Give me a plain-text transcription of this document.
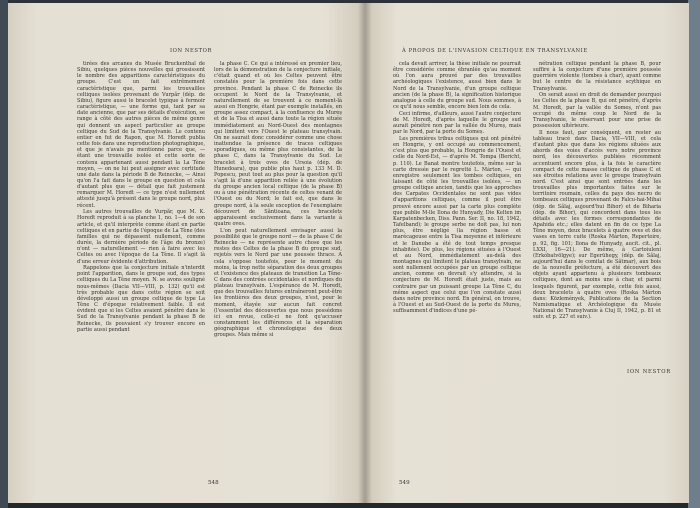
ION NESTOR

tirées des arcanes du Musée Bruckenthal de Sibiu, quelques pièces nouvelles qui grossissent le nombre des apparitions caractéristiques du groupe. C'est un fait extrêmement caractéristique que, parmi les trouvailles celtiques isolées provenant de Vurpăr (dép. de Sibiu), figure aussi le bracelet typique à fermoir caractéristique, — une forme qui, tant par sa date ancienne, que par ses détails d'exécution, se range à côté des autres pièces de même genre qui donnent un aspect particulier au groupe celtique du Sud de la Transylvanie. Le contenu entier en fut de Rapon, que M. Horedt publia cette fois dans une reproduction photographique, et que je n'avais pu mentionné parce que, — étant une trouvaille isolée et cette sorte de contenu appartenant aussi pendant la La Tène moyen, — on ne lui peut assigner avec certitude une date dans la période B de Reinecke, — Ainsi qu'on l'a fait dans le groupe en question et cela d'autant plus que — détail que fait justement remarquer M. Horedt — ce type n'est nullement attesté jusqu'à présent dans le groupe nord, plus récent.

Les autres trouvailles de Vurpăr, que M. K. Horedt reproduit à sa planche 1, no. 1—4 de son article, et qu'il interprète comme étant en partie celtiques et en partie de l'époque de La Tène (des familles qui ne dépassent nullement, comme durée, la dernière période de l'âge du bronze) n'ont — naturellement — rien à faire avec les Celtes ou avec l'époque de La Tène. Il s'agit là d'une erreur évidente d'attribution.

Rappelons que la conjecture initiale n'interdit point l'apparition, dans le groupe sud, des types celtiques du La Tène moyen. N. se avons souligné nous-mêmes (Dacia VII—VIII, p. 132) qu'il est très probable que dans cette région se soit développé aussi un groupe celtique de type La Tène C d'époque relativement faible. Il est évident que si les Celtes avaient pénétré dans le Sud de la Transylvanie pendant la phase B de Reinecke, ils pouvaient s'y trouver encore en partie aussi pendant

la phase C. Ce qui a intéressé en premier lieu, lors de la démonstration de la conjecture initiale, c'était quand et où les Celtes peuvent être constatés pour la première fois dans cette province. Pendant la phase C de Reinecke ils occupent le Nord de la Transylvanie, et naturellement de se trouvent à ce moment-là aussi en Hongrie, étant par exemple installés, en groupe assez compact, à la confluence du Mureș et de la Tisa et aussi dans toute la région située immédiatement au Nord-Ouest des montagnes qui limitent vers l'Ouest le plateau transylvain. On ne saurait donc considérer comme une chose inattendue la présence de traces celtiques sporadiques, ou même plus consistantes, de la phase C, dans la Transylvanie du Sud. Le bracelet à trois oves de Ursoia (dép. de Hunedoara), que publie plus haut p. 133 M. D. Popescu, peut tout au plus pour la question qu'il s'agit là d'une apparition reliée à une évolution du groupe ancien local celtique (de la phase B) ou à une pénétration récente de celtes venant de l'Ouest ou du Nord; le fait est, que dans le groupe nord, à la seule exception de l'exemplaire découvert de Săntioana, ces bracelets apparaissent exclusivement dans la variante à quatre oves.

L'on peut naturellement envisager aussi la possibilité que le groupe nord — de la phase C de Reinecke — ne représente autre chose que les restes des Celtes de la phase B du groupe sud, rejetés vers le Nord par une poussée thrace. A cela s'oppose toutefois, pour le moment du moins, la trop nette séparation des deux groupes et l'existence des plateaux de transition La Tène-C dans des contrées occidentales et nordiques du plateau transylvain. L'espérance de M. Horedt, que des trouvailles futures entraîneront peut-être les frontières des deux groupes, n'est, pour le moment, étayée sur aucun fait concret (l'essentiel des découvertes que nous possédons ici en revue, celle-ci ne font qu'accuser constamment les différences et la séparation géographique et chronologique des deux groupes. Mais même si

548
À PROPOS DE L'INVASION CELTIQUE EN TRANSYLVANIE

cela devait arriver, la thèse initiale ne pourrait être considérée comme ébranlée qu'au moment où l'on aura prouvé par des trouvailles archéologiques l'existence, aussi bien dans le Nord de la Transylvanie, d'un groupe celtique ancien (de la phase B), la signification historique analogue à celle du groupe sud. Nous sommes, à ce qu'il nous semble, encore bien loin de cela.

Ceci infirme, d'ailleurs, aussi l'autre conjecture de M. Horedt, d'après laquelle le groupe sud aurait pénétré non par la vallée du Mureș, mais par le Nord, par la porte du Someș.

Les premières tribus celtiques qui ont pénétré en Hongrie, y ont occupé au commencement, c'est plus que probable, la Hongrie de l'Ouest et celle du Nord-Est, — d'après M. Tompa (Bericht, p. 110). Le Banat montre toutefois, même sur la carte dressée par le regretté L. Márton, — qui enregistre seulement les tombes celtiques, en laissant de côté les trouvailles isolées, — un groupe celtique ancien, tandis que les approches des Carpates Occidentales ne sont pas vides d'apparitions celtiques, comme il peut être prouvé encore aussi par la carte plus complète que publie M-lle Ilona de Hunyady, Die Kelten im Karpatenbecken, Diss. Pann. Ser. II, no. 18, 1942, Tafelband); le groupe serbe ne doit pas, lui non plus, être négligé (la région basse et marécageuse entre la Tisa moyenne et inférieure et le Danube a été de tout temps presque inhabitée). De plus, les régions situées à l'Ouest et au Nord, immédiatement au-delà des montagnes qui limitent le plateau transylvain, ne sont nullement occupées par un groupe celtique ancien, comme on devrait s'y attendre, si la conjecture de M. Horedt était juste, mais au contraire par un puissant groupe La Tène C, du même aspect que celui que l'on constate aussi dans notre province nord. En général, on trouve, à l'Ouest et au Sud-Ouest de la porte du Mureș, suffisamment d'indices d'une pé-

nétration celtique pendant la phase B, pour suffire à la conjecture d'une première poussée guerrière violente (tombes à char), ayant comme but le centre de la résistance scythique en Transylvanie.

On serait aussi en droit de demander pourquoi les Celtes de la phase B, qui ont pénétré, d'après M. Horedt, par la vallée du Someș, n'ont pas occupé du même coup le Nord de la Transylvanie, le réservant pour une prise de possession ultérieure.

Il nous faut, par conséquent, en rester au tableau tracé dans Dacia, VII—VIII, et cela d'autant plus que dans les régions situées aux abords des voies d'accès vers notre province nord, les découvertes publiées récemment accentuent encore plus, à la fois le caractère compact de cette masse celtique de phase C et ses étroites relations avec le groupe transylvain nord. C'est ainsi que sont entrées dans les trouvailles plus importantes faites sur le territoire roumain, celles du pays des necro de tombeaux celtiques provenant de Falcu-hai-Mihai (dép. de Sălaj, aujourd'hui Bihor) et de Biharia (dép. de Bihor), qui concordent dans tous les détails avec les formes correspondantes de Apahida etc.; elles datent en fin de ce type La Tène moyen, deux bracelets à quatre oves et des vases en terre cuite (Roska Márton, Repertoire, p. 92, fig. 101; Ilona de Hunyady, aucit. cit., pl. LXXI, 16—21). De même, à Cartoiuleni (Erkóbatvölgye); sur Egerühegy, (dép. de Sălaj, aujourd'hui dans le comitat de Sătmar), aux bois de la nouvelle préfecture, a été découvert des objets ayant appartenu à plusieurs tombeaux celtiques, dont au moins une à char, et parmi lesquels figurent, par exemple, cette fois aussi, deux bracelets à quatre oves (Roska Márton dans: Közlemények, Publications de la Section Numismatique et Archéologique du Musée National de Transylvanie à Cluj II, 1942, p. 81 et suiv. et p. 227 et suiv.).

ION NESTOR
549
